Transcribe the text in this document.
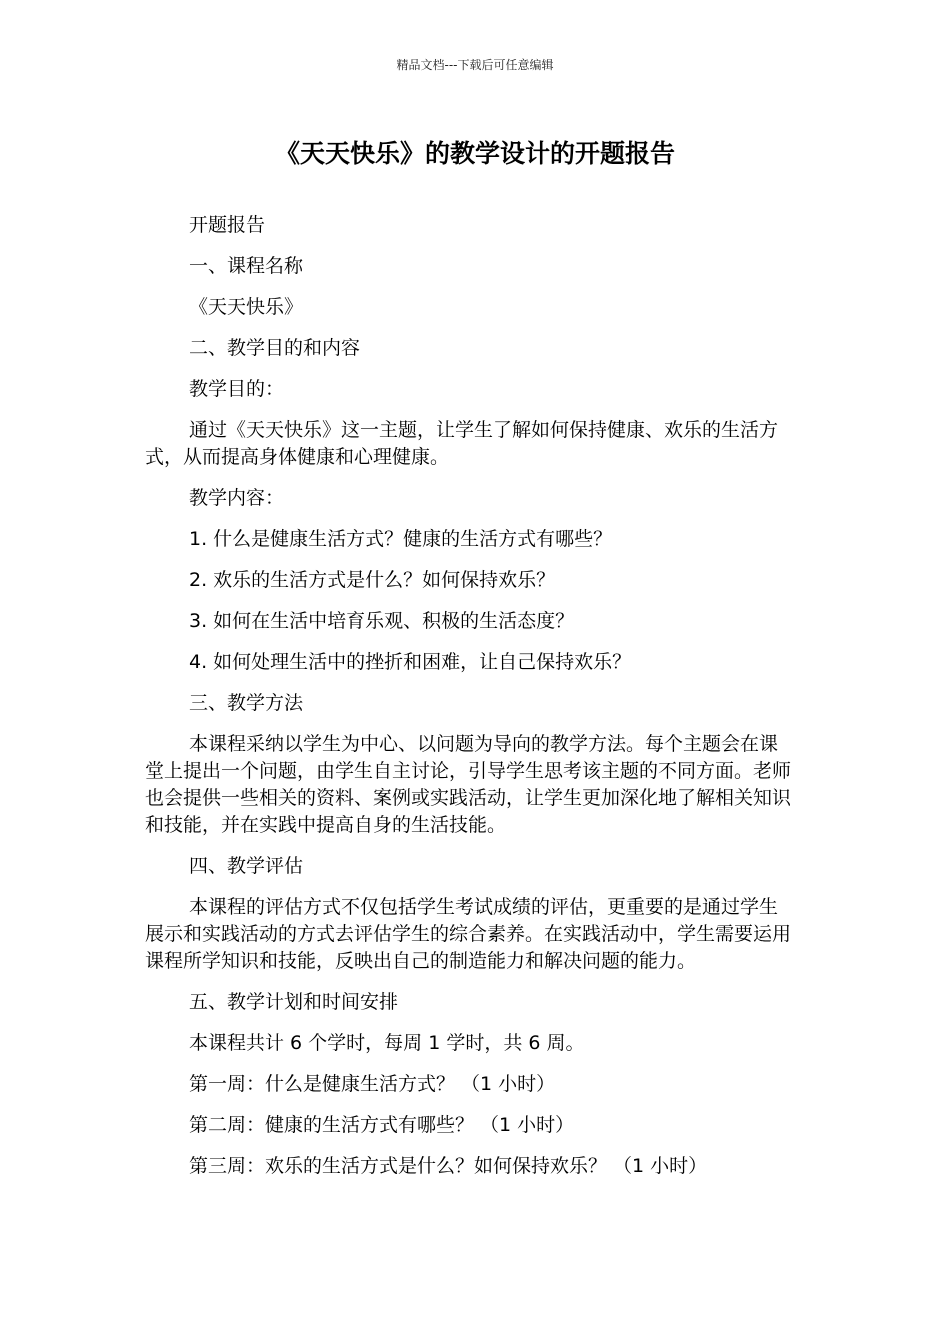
精品文档---下载后可任意编辑
《天天快乐》的教学设计的开题报告

开题报告

一、课程名称

《天天快乐》

二、教学目的和内容

教学目的：

通过《天天快乐》这一主题，让学生了解如何保持健康、欢乐的生活方式，从而提高身体健康和心理健康。

教学内容：

1. 什么是健康生活方式？健康的生活方式有哪些？

2. 欢乐的生活方式是什么？如何保持欢乐？

3. 如何在生活中培育乐观、积极的生活态度？

4. 如何处理生活中的挫折和困难，让自己保持欢乐？

三、教学方法

本课程采纳以学生为中心、以问题为导向的教学方法。每个主题会在课堂上提出一个问题，由学生自主讨论，引导学生思考该主题的不同方面。老师也会提供一些相关的资料、案例或实践活动，让学生更加深化地了解相关知识和技能，并在实践中提高自身的生活技能。

四、教学评估

本课程的评估方式不仅包括学生考试成绩的评估，更重要的是通过学生展示和实践活动的方式去评估学生的综合素养。在实践活动中，学生需要运用课程所学知识和技能，反映出自己的制造能力和解决问题的能力。

五、教学计划和时间安排

本课程共计 6 个学时，每周 1 学时，共 6 周。

第一周：什么是健康生活方式？ （1 小时）

第二周：健康的生活方式有哪些？ （1 小时）

第三周：欢乐的生活方式是什么？如何保持欢乐？ （1 小时）
